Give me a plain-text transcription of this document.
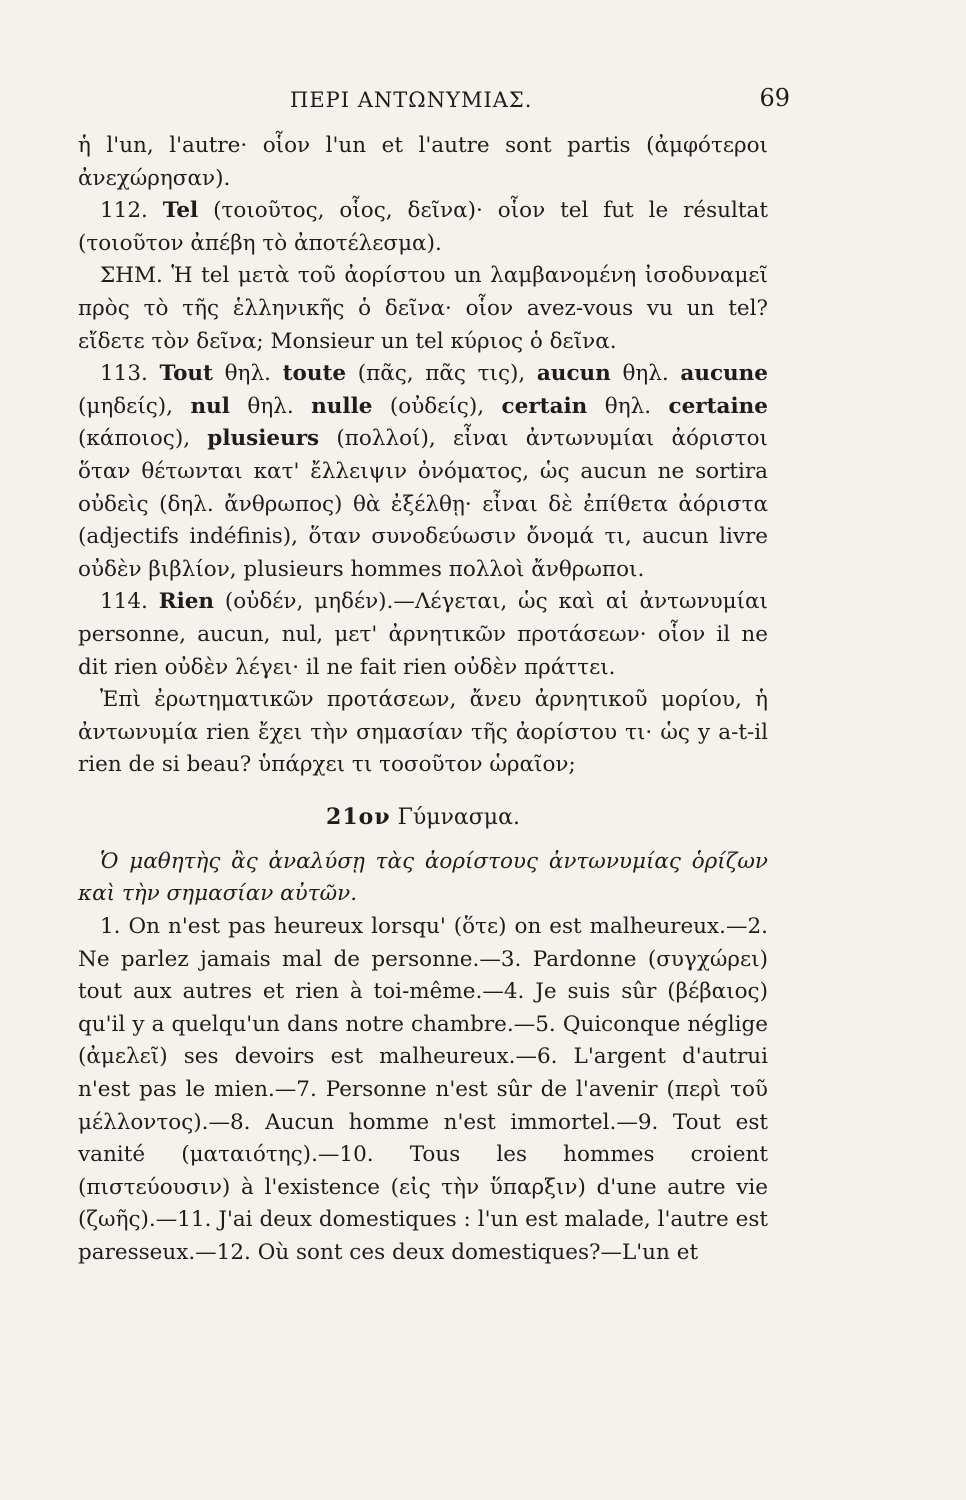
ΠΕΡΙ ΑΝΤΩΝΥΜΙΑΣ.	69

ἡ l'un, l'autre· οἷον l'un et l'autre sont partis (ἀμφότεροι ἀνεχώρησαν).

112. Tel (τοιοῦτος, οἷος, δεῖνα)· οἷον tel fut le résultat (τοιοῦτον ἀπέβη τὸ ἀποτέλεσμα).

ΣΗΜ. Ἡ tel μετὰ τοῦ ἀορίστου un λαμβανομένη ἰσοδυναμεῖ πρὸς τὸ τῆς ἑλληνικῆς ὁ δεῖνα· οἷον avez-vous vu un tel? εἴδετε τὸν δεῖνα; Monsieur un tel κύριος ὁ δεῖνα.

113. Tout θηλ. toute (πᾶς, πᾶς τις), aucun θηλ. aucune (μηδείς), nul θηλ. nulle (οὐδείς), certain θηλ. certaine (κάποιος), plusieurs (πολλοί), εἶναι ἀντωνυμίαι ἀόριστοι ὅταν θέτωνται κατ' ἔλλειψιν ὀνόματος, ὡς aucun ne sortira οὐδεὶς (δηλ. ἄνθρωπος) θὰ ἐξέλθῃ· εἶναι δὲ ἐπίθετα ἀόριστα (adjectifs indéfinis), ὅταν συνοδεύωσιν ὄνομά τι, aucun livre οὐδὲν βιβλίον, plusieurs hommes πολλοὶ ἄνθρωποι.

114. Rien (οὐδέν, μηδέν).—Λέγεται, ὡς καὶ αἱ ἀντωνυμίαι personne, aucun, nul, μετ' ἀρνητικῶν προτάσεων· οἷον il ne dit rien οὐδὲν λέγει· il ne fait rien οὐδὲν πράττει.

Ἐπὶ ἐρωτηματικῶν προτάσεων, ἄνευ ἀρνητικοῦ μορίου, ἡ ἀντωνυμία rien ἔχει τὴν σημασίαν τῆς ἀορίστου τι· ὡς y a-t-il rien de si beau? ὑπάρχει τι τοσοῦτον ὡραῖον;

21ον Γύμνασμα.

Ὁ μαθητὴς ἂς ἀναλύσῃ τὰς ἀορίστους ἀντωνυμίας ὁρίζων καὶ τὴν σημασίαν αὐτῶν.

1. On n'est pas heureux lorsqu' (ὅτε) on est malheureux.—2. Ne parlez jamais mal de personne.—3. Pardonne (συγχώρει) tout aux autres et rien à toi-même.—4. Je suis sûr (βέβαιος) qu'il y a quelqu'un dans notre chambre.—5. Quiconque néglige (ἀμελεῖ) ses devoirs est malheureux.—6. L'argent d'autrui n'est pas le mien.—7. Personne n'est sûr de l'avenir (περὶ τοῦ μέλλοντος).—8. Aucun homme n'est immortel.—9. Tout est vanité (ματαιότης).—10. Tous les hommes croient (πιστεύουσιν) à l'existence (εἰς τὴν ὕπαρξιν) d'une autre vie (ζωῆς).—11. J'ai deux domestiques : l'un est malade, l'autre est paresseux.—12. Où sont ces deux domestiques?—L'un et
